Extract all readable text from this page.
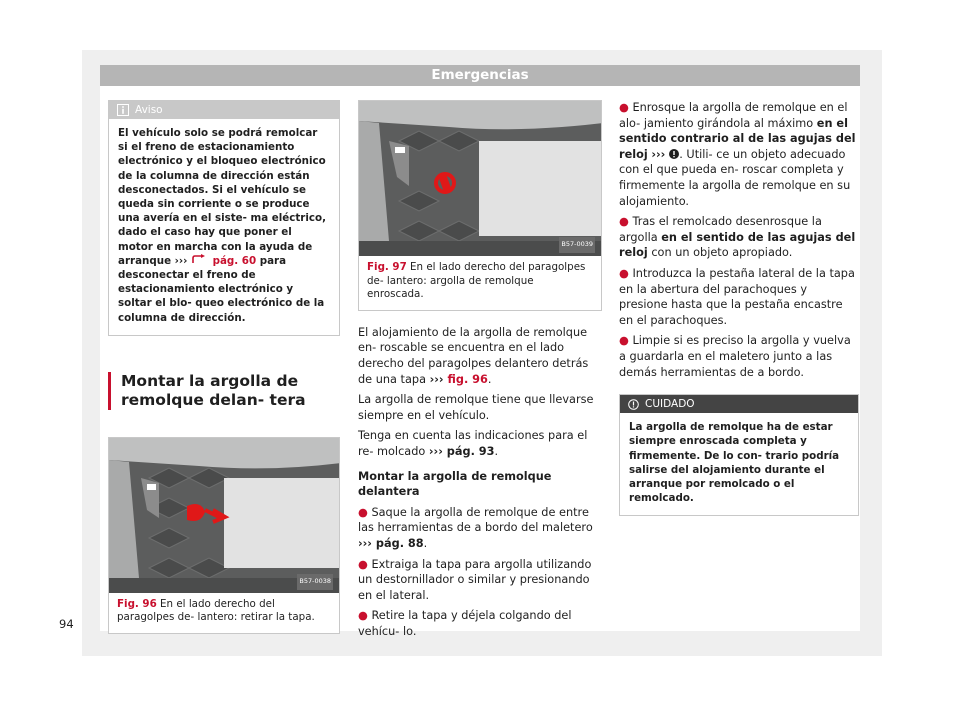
Emergencias
Aviso
El vehículo solo se podrá remolcar si el freno de estacionamiento electrónico y el bloqueo electrónico de la columna de dirección están desconectados. Si el vehículo se queda sin corriente o se produce una avería en el siste- ma eléctrico, dado el caso hay que poner el motor en marcha con la ayuda de arranque ››› pág. 60 para desconectar el freno de estacionamiento electrónico y soltar el blo- queo electrónico de la columna de dirección.
Montar la argolla de remolque delan- tera
B57-0038
Fig. 96 En el lado derecho del paragolpes de- lantero: retirar la tapa.
B57-0039
Fig. 97 En el lado derecho del paragolpes de- lantero: argolla de remolque enroscada.

El alojamiento de la argolla de remolque en- roscable se encuentra en el lado derecho del paragolpes delantero detrás de una tapa ›››​ fig. 96.

La argolla de remolque tiene que llevarse siempre en el vehículo.

Tenga en cuenta las indicaciones para el re- molcado ››› pág. 93.

Montar la argolla de remolque delantera

● Saque la argolla de remolque de entre las herramientas de a bordo del maletero ››› pág. 88.

● Extraiga la tapa para argolla utilizando un destornillador o similar y presionando en el lateral.

● Retire la tapa y déjela colgando del vehícu- lo.

● Enrosque la argolla de remolque en el alo- jamiento girándola al máximo en el sentido contrario al de las agujas del reloj ››› . Utili- ce un objeto adecuado con el que pueda en- roscar completa y firmemente la argolla de remolque en su alojamiento.

● Tras el remolcado desenrosque la argolla en el sentido de las agujas del reloj con un objeto apropiado.

● Introduzca la pestaña lateral de la tapa en la abertura del parachoques y presione hasta que la pestaña encastre en el parachoques.

● Limpie si es preciso la argolla y vuelva a guardarla en el maletero junto a las demás herramientas de a bordo.

CUIDADO
La argolla de remolque ha de estar siempre enroscada completa y firmemente. De lo con- trario podría salirse del alojamiento durante el arranque por remolcado o el remolcado.
94
